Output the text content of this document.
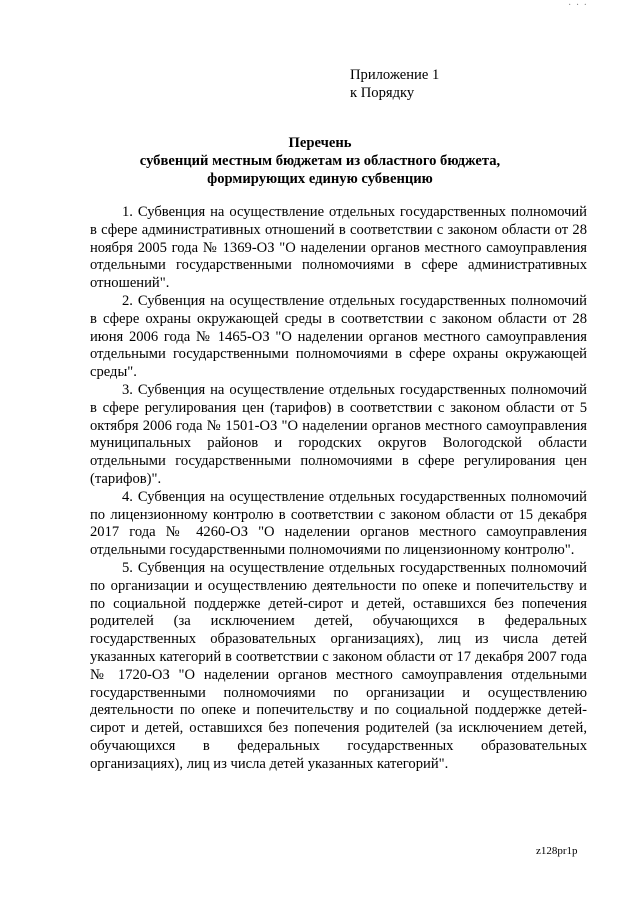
· · ·
Приложение 1
к Порядку
Перечень
субвенций местным бюджетам из областного бюджета,
формирующих единую субвенцию

1. Субвенция на осуществление отдельных государственных полномочий в сфере административных отношений в соответствии с законом области от 28 ноября 2005 года № 1369-ОЗ "О наделении органов местного самоуправления отдельными государственными полномочиями в сфере административных отношений".

2. Субвенция на осуществление отдельных государственных полномочий в сфере охраны окружающей среды в соответствии с законом области от 28 июня 2006 года № 1465-ОЗ "О наделении органов местного самоуправления отдельными государственными полномочиями в сфере охраны окружающей среды".

3. Субвенция на осуществление отдельных государственных полномочий в сфере регулирования цен (тарифов) в соответствии с законом области от 5 октября 2006 года № 1501-ОЗ "О наделении органов местного самоуправления муниципальных районов и городских округов Вологодской области отдельными государственными полномочиями в сфере регулирования цен (тарифов)".

4. Субвенция на осуществление отдельных государственных полномочий по лицензионному контролю в соответствии с законом области от 15 декабря 2017 года № 4260-ОЗ "О наделении органов местного самоуправления отдельными государственными полномочиями по лицензионному контролю".

5. Субвенция на осуществление отдельных государственных полномочий по организации и осуществлению деятельности по опеке и попечительству и по социальной поддержке детей-сирот и детей, оставшихся без попечения родителей (за исключением детей, обучающихся в федеральных государственных образовательных организациях), лиц из числа детей указанных категорий в соответствии с законом области от 17 декабря 2007 года № 1720-ОЗ "О наделении органов местного самоуправления отдельными государственными полномочиями по организации и осуществлению деятельности по опеке и попечительству и по социальной поддержке детей-сирот и детей, оставшихся без попечения родителей (за исключением детей, обучающихся в федеральных государственных образовательных организациях), лиц из числа детей указанных категорий".

z128pr1p
